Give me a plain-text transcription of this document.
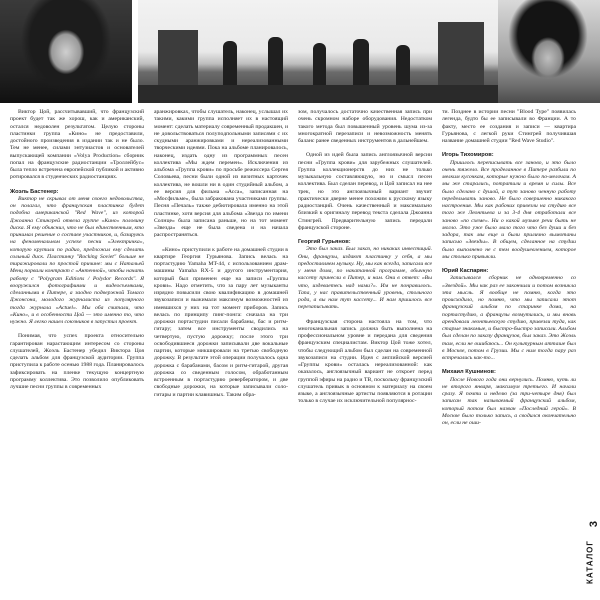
Виктор Цой, рассчитывавший, что французский проект будет так же хорош, как и американский, остался недоволен результатом. Целую стороны пластинки группа «Кино» не предоставили, достойного произведения в издании так и не было. Тем не менее, силами энтузиастов и основателей выпускающей компании «Volya Production» сборник попал на французские радиостанции «Троллейбус» была тепло встречена европейской публикой и активно ротировался в студенческих радиостанциях.

Жоэль Бастенер:

Виктор не скрывал от меня своего недовольства, он полагал, что французская пластинка будет подобна американской "Red Wave", из которой Джоанна Стингрей отвела группе «Кино» половину диска. Я ему объяснил, что не был единственным, кто принимал решение о составе участников, и, базируясь на феноменальном успехе песни «Электричка», которую крутили по радио, предложил ему сделать сольный диск. Пластинку "Rocking Soviet" больше не тиражировали по простой причине: мы с Натальей Менц порвали контракт с «Антенной», чтобы начать работу с "Polygram Editions / Polydor Records". Я вооружился фотографиями и видеосъемками, сделанными в Питере, а заодно подвержной Томасо Джонсона, молодого журналиста из популярного тогда журнала «Actuel». Мы оба считали, что «Кино», и в особенности Цой — это именно то, что нужно. Я легко нашел союзников в запустил проект.

Понимая, что успех проекта относительно гарантирован нарастающим интересом со стороны слушателей, Жоэль Бастенер убедил Виктора Цоя сделать альбом для французской аудитории. Группа приступила к работе осенью 1988 года. Планировалось зафиксировать на пленке текущую концертную программу коллектива. Это позволило опубликовать лучшие песни группы в современных

аранжировках, чтобы слушатель, наконец, услышал их такими, какими группа исполняет их в настоящий момент: сделать материалу современный продакшен, и не довольствоваться полуподпольными записями с их скудными аранжировками и нереализованными творческими идеями. Пока на альбоме планировалось, наконец, издать одну из программных песен коллектива «Мы ждем перемен». Исключения из альбома «Группа крови» по просьбе режиссера Сергея Соловьева, песни были одной из визитных карточек коллектива, не вошли ни в один студийный альбом, а ее версия для фильма «Асса», записанная на «Мосфильме», была забракована участниками группы. Песня «Печаль» также дебютировала именно на этой пластинке, хотя версия для альбома «Звезда по имени Солнце» была записана раньше, но на тот момент «Звезда» еще не была сведена и на начала распространяться.

«Кино» приступили к работе на домашней студии в квартире Георгия Гурьянова. Запись велась на портастудию Yamaha MT-44, с использованием драм-машины Yamaha RX-5 и другого инструментария, который был применен еще на записи «Группы крови». Надо отметить, что за пару лет музыканты изрядно повысили свою квалификацию в домашней звукозаписи и выжимали максимум возможностей из имевшихся у них на тот момент приборов. Запись велась по принципу пинг-понга: сначала на три дорожки портастудии писали барабаны, бас и ритм-гитару; затем все инструменты сводились на четвертую, пустую дорожку; после этого три освободившиеся дорожки записывали две вокальные партии, которые микшировали на третью свободную дорожку. В результате этой операции получалось одна дорожка с барабанами, басом и ритм-гитарой, другая дорожка со сведенным голосом, обработанным встроенным в портастудию ревербератором, и две свободные дорожки, на которые записывали соло-гитары и партии клавишных. Таким обра-

зом, получалось достаточно качественная запись при очень скромном наборе оборудования. Недостатком такого метода был повышенный уровень шума из-за многократной перезаписи и невозможность менять баланс ранее сведенных инструментов в дальнейшем.

Одной из идей была запись англоязычной версии песни «Группа крови» для зарубежных слушателей. Группа коллекционерств до них не только музыкальную составляющую, но и смысл песен коллектива. Был сделан перевод, и Цой записал на нее трек, но это англоязычный вариант звучит практически дверне менее похожим к русскому языку радиостанций. Очень качественный и максимально близкий к оригиналу перевод текста сделала Джоанна Стингрей. Предварительную запись передали французской стороне.

Георгий Гурьянов:

Это был заказ. Был заказ, но никаких инвестиций. Они, французы, издают пластинку у себя, а мы предоставляем музыку. Ну, мы как всегда, записали все у меня дома, по накатанной программе, обычную кассету принесли в Питер, и нам. Они в ответ: «Вы что, издеваетесь над нами?». Им не понравилось. Тапа, у нас правительственный уровень, стольного рода, а вы нам тут кассету... И нам пришлось все перезаписывать.

Французская сторона настояла на том, что многоканальная запись должна быть выполнена на профессиональном уровне и передана для сведения французским специалистам. Виктор Цой тоже хотел, чтобы следующий альбом был сделан на современной звукозаписи на студии. Идея с английской версией «Группы крови» осталась нереализованной: как оказалось, англоязычный вариант не откроет перед группой эфиры на радио и ТВ, поскольку французский слушатель привык в основном к материалу на своем языке, а англоязычные артисты появляются в ротации только в случае их исключительной популярнос-

ти. Позднее в истории песни "Blood Type" появилась легенда, будто бы ее записывали во Франции. А то факту, место ее создания и записи — квартира Гурьянова, с легкой руки Стингрей получившая название домашней студии "Red Wave Studio".

Игорь Тихомиров:

Пришлось переписывать все заново, и это было очень тяжело. Все проделанное в Питере разбили по мелким кусочкам, которые нужно было по-мелочам. А мы же старались, потратили и время и силы. Все было сделано с душой, а тут заново ченную работу переделывать заново. Не было совершенно никакого настроения. Мы как рабочих привезли на студию все того же Леонтьева и за 3-4 дня отработали все заново «по схеме». Ни о какой музыке речи быть не могло. Это уже было мало того что без души и без задора, так мы еще и были прилично вымотаны записью «Звезды». В общем, сделанное на студии было выполнено не с тем воодушевлением, которое мы столько привыкли.

Юрий Каспарян:

Записывался сборник не одновременно со «Звездой». Мы как раз ее закончили и потом возникла эта мысль. Я вообще не помню, когда это происходило, но помню, что мы записали этот французский альбом по старинке дома, на портастудию, а французы возмутились, и мы вновь арендовали леонтьевскую студию, привезли туда, как старые знакомые, и быстро-быстро записали. Альбом был сделан по заказу французов, был заказ. Это Жоэль там, если не ошибаюсь... Он культурным атташе был в Москве, потом в Грузии. Мы с ним тогда пару раз встречались как-то...

Михаил Кушнинов:

После Нового года они вернулись. Помню, чуть ли не второго января, максимум третьего. И начали сразу. Я почти и неделю (за три-четыре дня) был записан так называемый французский альбом, который потом был назван «Последний герой». В Москве было только запись, а сводился окончательно он, если не оши-

3
КАТАЛОГ
